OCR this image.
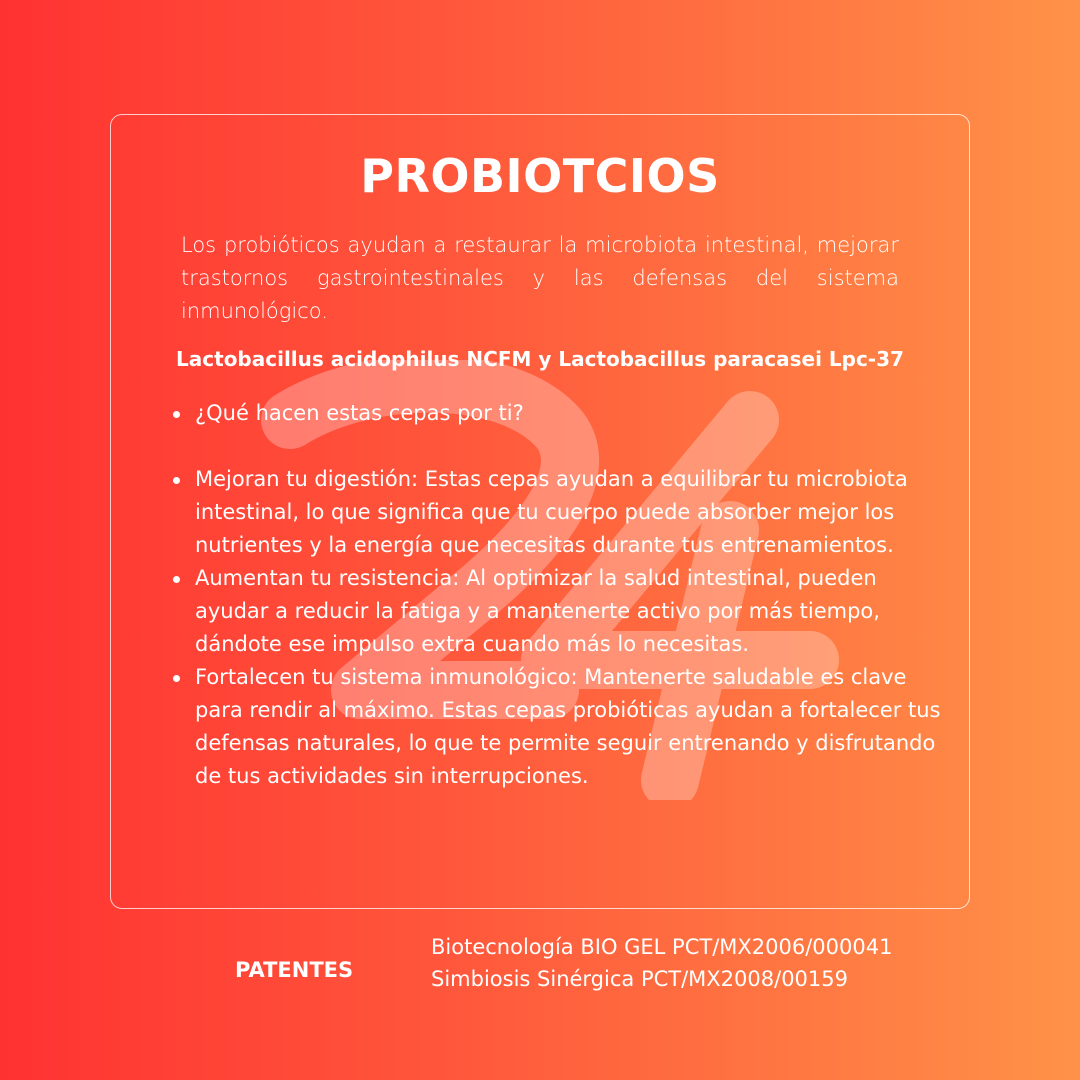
PROBIOTCIOS

Los probióticos ayudan a restaurar la microbiota intestinal, mejorar trastornos gastrointestinales y las defensas del sistema inmunológico.

Lactobacillus acidophilus NCFM y Lactobacillus paracasei Lpc-37
¿Qué hacen estas cepas por ti?
Mejoran tu digestión: Estas cepas ayudan a equilibrar tu microbiota intestinal, lo que significa que tu cuerpo puede absorber mejor los nutrientes y la energía que necesitas durante tus entrenamientos.
Aumentan tu resistencia: Al optimizar la salud intestinal, pueden ayudar a reducir la fatiga y a mantenerte activo por más tiempo, dándote ese impulso extra cuando más lo necesitas.
Fortalecen tu sistema inmunológico: Mantenerte saludable es clave para rendir al máximo. Estas cepas probióticas ayudan a fortalecer tus defensas naturales, lo que te permite seguir entrenando y disfrutando de tus actividades sin interrupciones.
PATENTES
Biotecnología BIO GEL PCT/MX2006/000041
Simbiosis Sinérgica PCT/MX2008/00159
